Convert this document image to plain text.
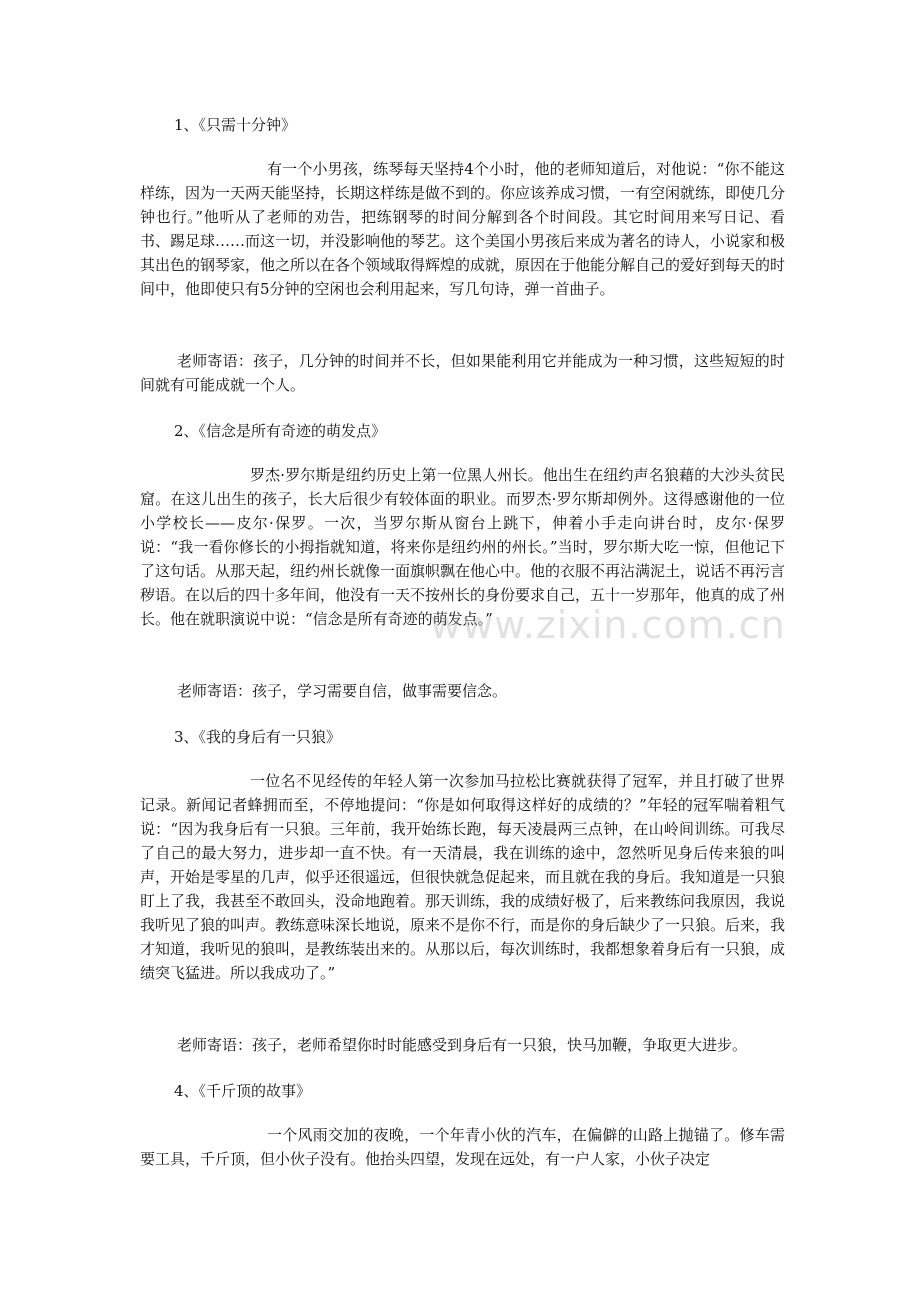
1、《只需十分钟》
有一个小男孩，练琴每天坚持4个小时，他的老师知道后，对他说：“你不能这样练，因为一天两天能坚持，长期这样练是做不到的。你应该养成习惯，一有空闲就练，即使几分钟也行。”他听从了老师的劝告，把练钢琴的时间分解到各个时间段。其它时间用来写日记、看书、踢足球……而这一切，并没影响他的琴艺。这个美国小男孩后来成为著名的诗人，小说家和极其出色的钢琴家，他之所以在各个领域取得辉煌的成就，原因在于他能分解自己的爱好到每天的时间中，他即使只有5分钟的空闲也会利用起来，写几句诗，弹一首曲子。
老师寄语：孩子，几分钟的时间并不长，但如果能利用它并能成为一种习惯，这些短短的时间就有可能成就一个人。
2、《信念是所有奇迹的萌发点》
罗杰·罗尔斯是纽约历史上第一位黑人州长。他出生在纽约声名狼藉的大沙头贫民窟。在这儿出生的孩子，长大后很少有较体面的职业。而罗杰·罗尔斯却例外。这得感谢他的一位小学校长——皮尔·保罗。一次，当罗尔斯从窗台上跳下，伸着小手走向讲台时，皮尔·保罗说：“我一看你修长的小拇指就知道，将来你是纽约州的州长。”当时，罗尔斯大吃一惊，但他记下了这句话。从那天起，纽约州长就像一面旗帜飘在他心中。他的衣服不再沾满泥土，说话不再污言秽语。在以后的四十多年间，他没有一天不按州长的身份要求自己，五十一岁那年，他真的成了州长。他在就职演说中说：“信念是所有奇迹的萌发点。”
老师寄语：孩子，学习需要自信，做事需要信念。
3、《我的身后有一只狼》
一位名不见经传的年轻人第一次参加马拉松比赛就获得了冠军，并且打破了世界记录。新闻记者蜂拥而至，不停地提问：“你是如何取得这样好的成绩的？”年轻的冠军喘着粗气说：“因为我身后有一只狼。三年前，我开始练长跑，每天凌晨两三点钟，在山岭间训练。可我尽了自己的最大努力，进步却一直不快。有一天清晨，我在训练的途中，忽然听见身后传来狼的叫声，开始是零星的几声，似乎还很遥远，但很快就急促起来，而且就在我的身后。我知道是一只狼盯上了我，我甚至不敢回头，没命地跑着。那天训练，我的成绩好极了，后来教练问我原因，我说我听见了狼的叫声。教练意味深长地说，原来不是你不行，而是你的身后缺少了一只狼。后来，我才知道，我听见的狼叫，是教练装出来的。从那以后，每次训练时，我都想象着身后有一只狼，成绩突飞猛进。所以我成功了。”
老师寄语：孩子，老师希望你时时能感受到身后有一只狼，快马加鞭，争取更大进步。
4、《千斤顶的故事》
一个风雨交加的夜晚，一个年青小伙的汽车，在偏僻的山路上抛锚了。修车需要工具，千斤顶，但小伙子没有。他抬头四望，发现在远处，有一户人家，小伙子决定
www.zixin.com.cn
